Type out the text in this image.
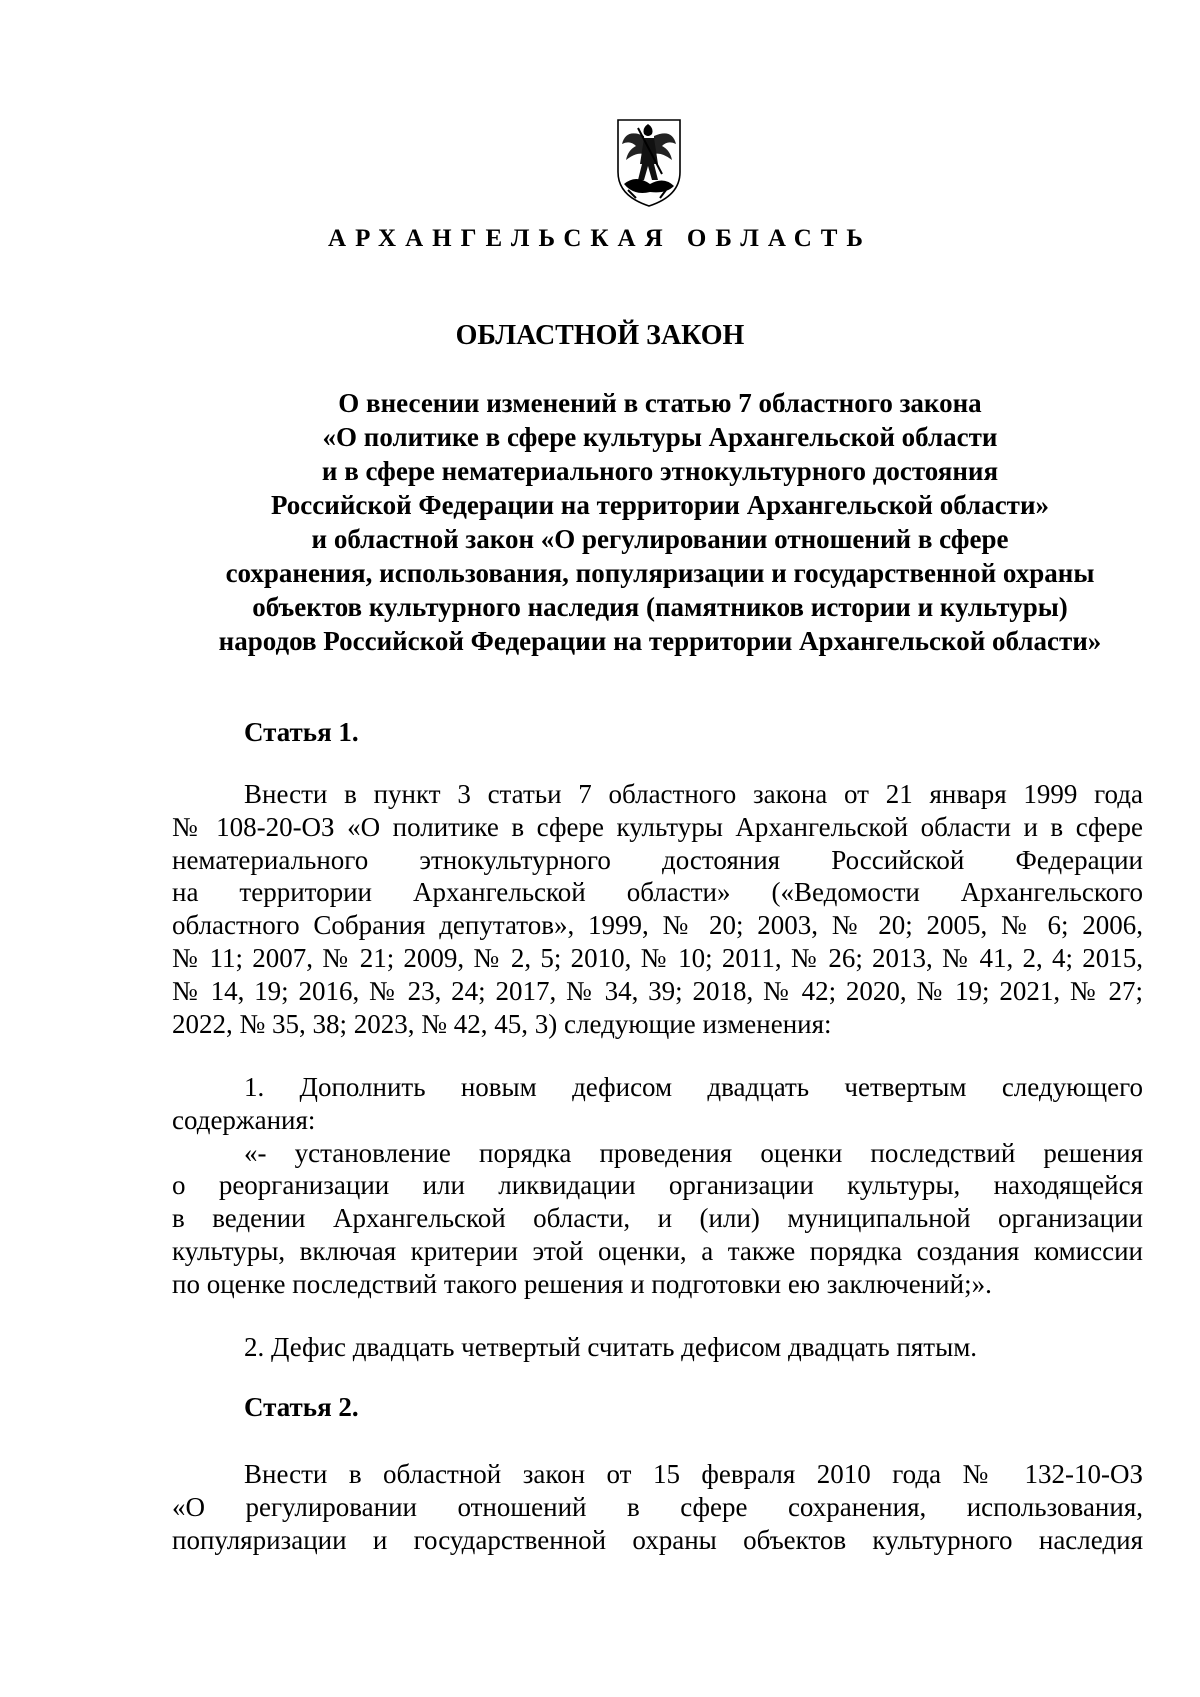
АРХАНГЕЛЬСКАЯ ОБЛАСТЬ
ОБЛАСТНОЙ ЗАКОН
О внесении изменений в статью 7 областного закона
«О политике в сфере культуры Архангельской области
и в сфере нематериального этнокультурного достояния
Российской Федерации на территории Архангельской области»
и областной закон «О регулировании отношений в сфере
сохранения, использования, популяризации и государственной охраны
объектов культурного наследия (памятников истории и культуры)
народов Российской Федерации на территории Архангельской области»
Статья 1.
Внести в пункт 3 статьи 7 областного закона от 21 января 1999 года
№ 108-20-ОЗ «О политике в сфере культуры Архангельской области и в сфере
нематериального этнокультурного достояния Российской Федерации
на территории Архангельской области» («Ведомости Архангельского
областного Собрания депутатов», 1999, № 20; 2003, № 20; 2005, № 6; 2006,
№ 11; 2007, № 21; 2009, № 2, 5; 2010, № 10; 2011, № 26; 2013, № 41, 2, 4; 2015,
№ 14, 19; 2016, № 23, 24; 2017, № 34, 39; 2018, № 42; 2020, № 19; 2021, № 27;
2022, № 35, 38; 2023, № 42, 45, 3) следующие изменения:
1. Дополнить новым дефисом двадцать четвертым следующего
содержания:
«- установление порядка проведения оценки последствий решения
о реорганизации или ликвидации организации культуры, находящейся
в ведении Архангельской области, и (или) муниципальной организации
культуры, включая критерии этой оценки, а также порядка создания комиссии
по оценке последствий такого решения и подготовки ею заключений;».
2. Дефис двадцать четвертый считать дефисом двадцать пятым.
Статья 2.
Внести в областной закон от 15 февраля 2010 года № 132-10-ОЗ
«О регулировании отношений в сфере сохранения, использования,
популяризации и государственной охраны объектов культурного наследия
